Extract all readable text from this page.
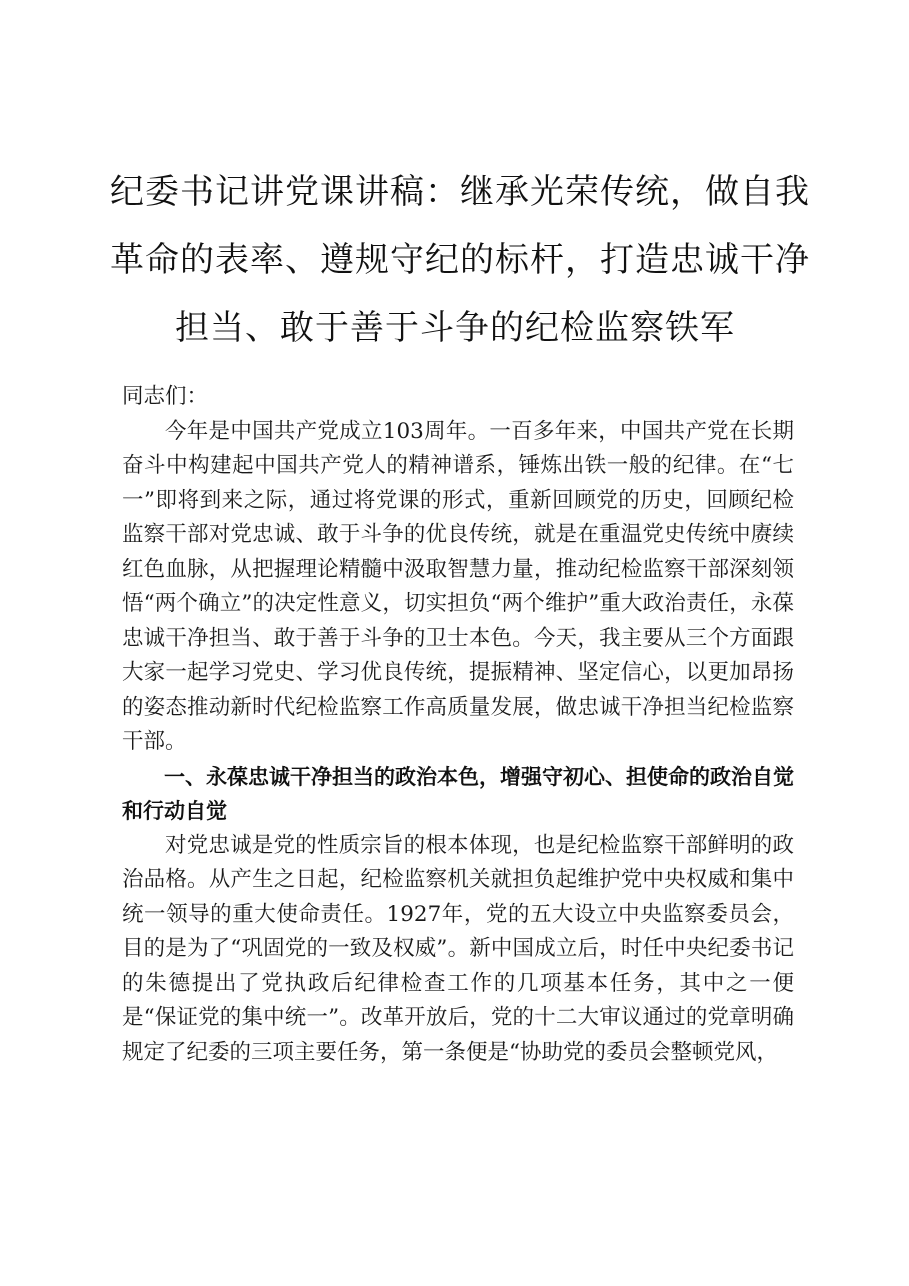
纪委书记讲党课讲稿：继承光荣传统，做自我
革命的表率、遵规守纪的标杆，打造忠诚干净
担当、敢于善于斗争的纪检监察铁军

同志们：

今年是中国共产党成立103周年。一百多年来，中国共产党在长期奋斗中构建起中国共产党人的精神谱系，锤炼出铁一般的纪律。在“七一”即将到来之际，通过将党课的形式，重新回顾党的历史，回顾纪检监察干部对党忠诚、敢于斗争的优良传统，就是在重温党史传统中赓续红色血脉，从把握理论精髓中汲取智慧力量，推动纪检监察干部深刻领悟“两个确立”的决定性意义，切实担负“两个维护”重大政治责任，永葆忠诚干净担当、敢于善于斗争的卫士本色。今天，我主要从三个方面跟大家一起学习党史、学习优良传统，提振精神、坚定信心，以更加昂扬的姿态推动新时代纪检监察工作高质量发展，做忠诚干净担当纪检监察干部。

一、永葆忠诚干净担当的政治本色，增强守初心、担使命的政治自觉和行动自觉

对党忠诚是党的性质宗旨的根本体现，也是纪检监察干部鲜明的政治品格。从产生之日起，纪检监察机关就担负起维护党中央权威和集中统一领导的重大使命责任。1927年，党的五大设立中央监察委员会，目的是为了“巩固党的一致及权威”。新中国成立后，时任中央纪委书记的朱德提出了党执政后纪律检查工作的几项基本任务，其中之一便是“保证党的集中统一”。改革开放后，党的十二大审议通过的党章明确规定了纪委的三项主要任务，第一条便是“协助党的委员会整顿党风，
